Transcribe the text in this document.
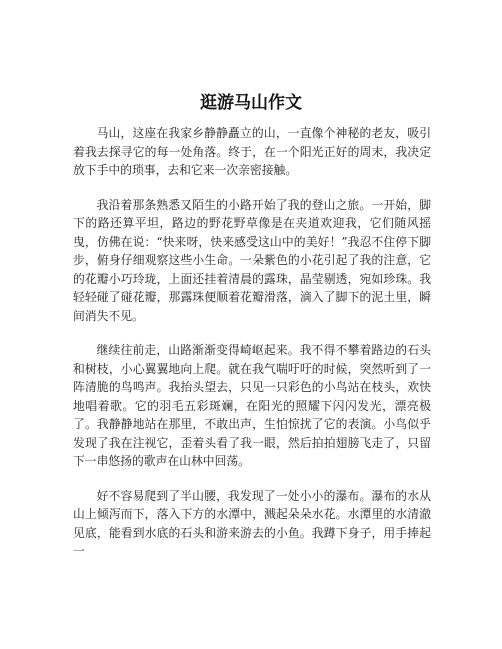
逛游马山作文

马山，这座在我家乡静静矗立的山，一直像个神秘的老友，吸引着我去探寻它的每一处角落。终于，在一个阳光正好的周末，我决定放下手中的琐事，去和它来一次亲密接触。

我沿着那条熟悉又陌生的小路开始了我的登山之旅。一开始，脚下的路还算平坦，路边的野花野草像是在夹道欢迎我，它们随风摇曳，仿佛在说：“快来呀，快来感受这山中的美好！”我忍不住停下脚步，俯身仔细观察这些小生命。一朵紫色的小花引起了我的注意，它的花瓣小巧玲珑，上面还挂着清晨的露珠，晶莹剔透，宛如珍珠。我轻轻碰了碰花瓣，那露珠便顺着花瓣滑落，滴入了脚下的泥土里，瞬间消失不见。

继续往前走，山路渐渐变得崎岖起来。我不得不攀着路边的石头和树枝，小心翼翼地向上爬。就在我气喘吁吁的时候，突然听到了一阵清脆的鸟鸣声。我抬头望去，只见一只彩色的小鸟站在枝头，欢快地唱着歌。它的羽毛五彩斑斓，在阳光的照耀下闪闪发光，漂亮极了。我静静地站在那里，不敢出声，生怕惊扰了它的表演。小鸟似乎发现了我在注视它，歪着头看了我一眼，然后拍拍翅膀飞走了，只留下一串悠扬的歌声在山林中回荡。

好不容易爬到了半山腰，我发现了一处小小的瀑布。瀑布的水从山上倾泻而下，落入下方的水潭中，溅起朵朵水花。水潭里的水清澈见底，能看到水底的石头和游来游去的小鱼。我蹲下身子，用手捧起一
